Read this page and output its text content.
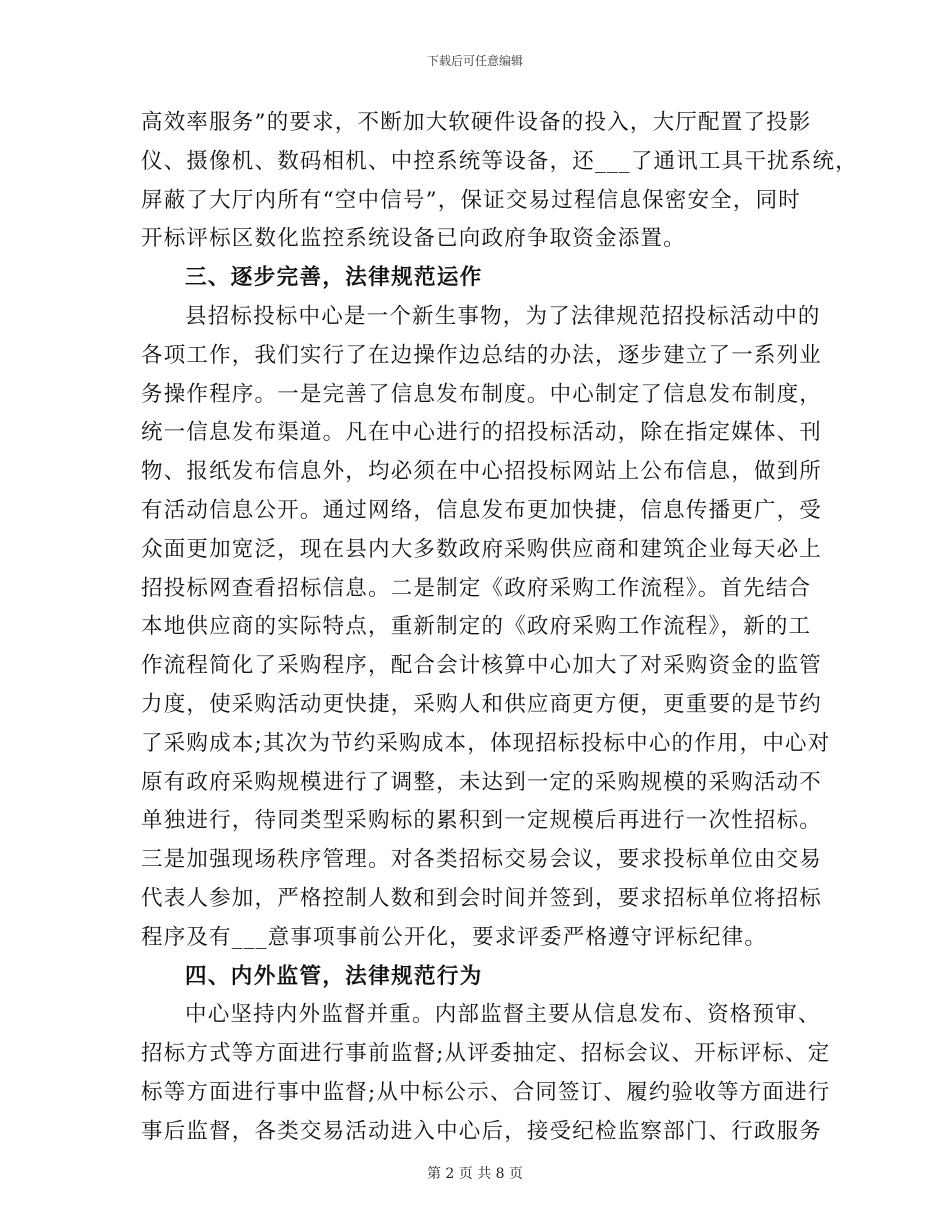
下载后可任意编辑
高效率服务”的要求，不断加大软硬件设备的投入，大厅配置了投影
仪、摄像机、数码相机、中控系统等设备，还___了通讯工具干扰系统，
屏蔽了大厅内所有“空中信号”，保证交易过程信息保密安全，同时
开标评标区数化监控系统设备已向政府争取资金添置。
三、逐步完善，法律规范运作
县招标投标中心是一个新生事物，为了法律规范招投标活动中的
各项工作，我们实行了在边操作边总结的办法，逐步建立了一系列业
务操作程序。一是完善了信息发布制度。中心制定了信息发布制度，
统一信息发布渠道。凡在中心进行的招投标活动，除在指定媒体、刊
物、报纸发布信息外，均必须在中心招投标网站上公布信息，做到所
有活动信息公开。通过网络，信息发布更加快捷，信息传播更广，受
众面更加宽泛，现在县内大多数政府采购供应商和建筑企业每天必上
招投标网查看招标信息。二是制定《政府采购工作流程》。首先结合
本地供应商的实际特点，重新制定的《政府采购工作流程》，新的工
作流程简化了采购程序，配合会计核算中心加大了对采购资金的监管
力度，使采购活动更快捷，采购人和供应商更方便，更重要的是节约
了采购成本;其次为节约采购成本，体现招标投标中心的作用，中心对
原有政府采购规模进行了调整，未达到一定的采购规模的采购活动不
单独进行，待同类型采购标的累积到一定规模后再进行一次性招标。
三是加强现场秩序管理。对各类招标交易会议，要求投标单位由交易
代表人参加，严格控制人数和到会时间并签到，要求招标单位将招标
程序及有___意事项事前公开化，要求评委严格遵守评标纪律。
四、内外监管，法律规范行为
中心坚持内外监督并重。内部监督主要从信息发布、资格预审、
招标方式等方面进行事前监督;从评委抽定、招标会议、开标评标、定
标等方面进行事中监督;从中标公示、合同签订、履约验收等方面进行
事后监督，各类交易活动进入中心后，接受纪检监察部门、行政服务
第 2 页 共 8 页
